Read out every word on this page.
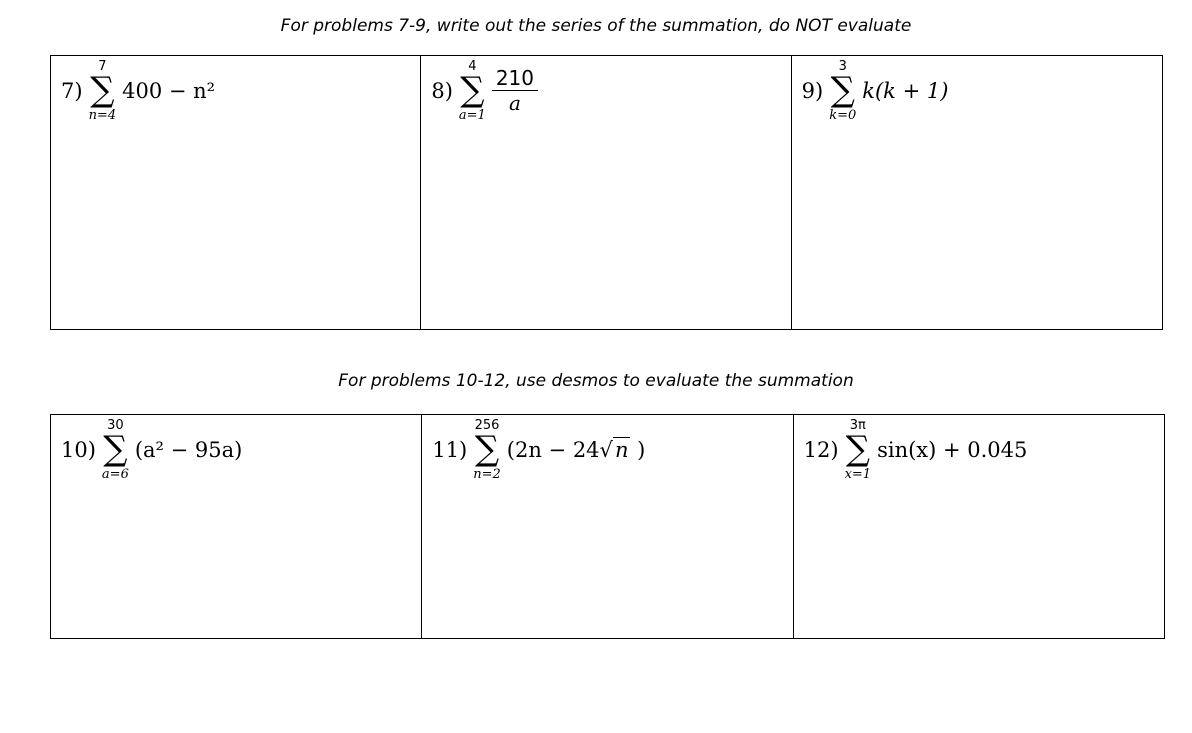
For problems 7-9, write out the series of the summation, do NOT evaluate
7)
7
∑
n=4
400 − n²	8)
4
∑
$a=1 \frac{210}{a}$	9)
3
∑
k=0
k(k + 1)
For problems 10-12, use desmos to evaluate the summation
10)
30
∑
a=6
(a² − 95a)	11)
256
∑
n=2
(2n − 24√n )	12)
3π
∑
x=1
sin(x) + 0.045
